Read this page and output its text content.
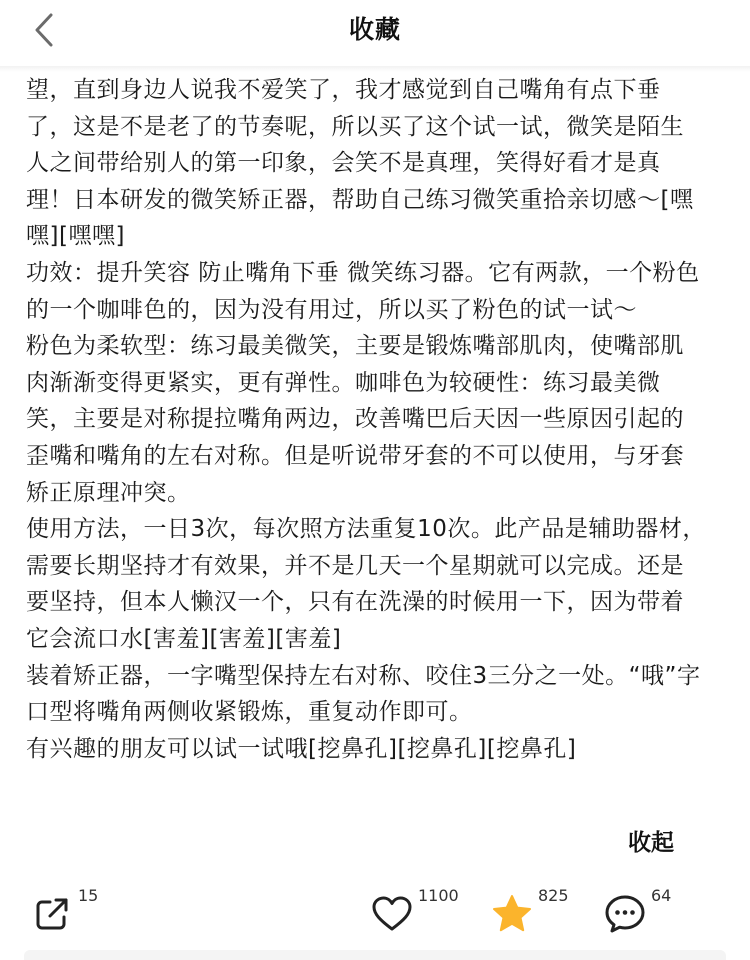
收藏

望，直到身边人说我不爱笑了，我才感觉到自己嘴角有点下垂了，这是不是老了的节奏呢，所以买了这个试一试，微笑是陌生人之间带给别人的第一印象，会笑不是真理，笑得好看才是真理！日本研发的微笑矫正器，帮助自己练习微笑重拾亲切感～[嘿嘿][嘿嘿]

功效：提升笑容 防止嘴角下垂 微笑练习器。它有两款，一个粉色的一个咖啡色的，因为没有用过，所以买了粉色的试一试～

粉色为柔软型：练习最美微笑，主要是锻炼嘴部肌肉，使嘴部肌肉渐渐变得更紧实，更有弹性。咖啡色为较硬性：练习最美微笑，主要是对称提拉嘴角两边，改善嘴巴后天因一些原因引起的歪嘴和嘴角的左右对称。但是听说带牙套的不可以使用，与牙套矫正原理冲突。

使用方法，一日3次，每次照方法重复10次。此产品是辅助器材，需要长期坚持才有效果，并不是几天一个星期就可以完成。还是要坚持，但本人懒汉一个，只有在洗澡的时候用一下，因为带着它会流口水[害羞][害羞][害羞]

装着矫正器，一字嘴型保持左右对称、咬住3三分之一处。“哦”字口型将嘴角两侧收紧锻炼，重复动作即可。

有兴趣的朋友可以试一试哦[挖鼻孔][挖鼻孔][挖鼻孔]

收起
15	1100	825	64
